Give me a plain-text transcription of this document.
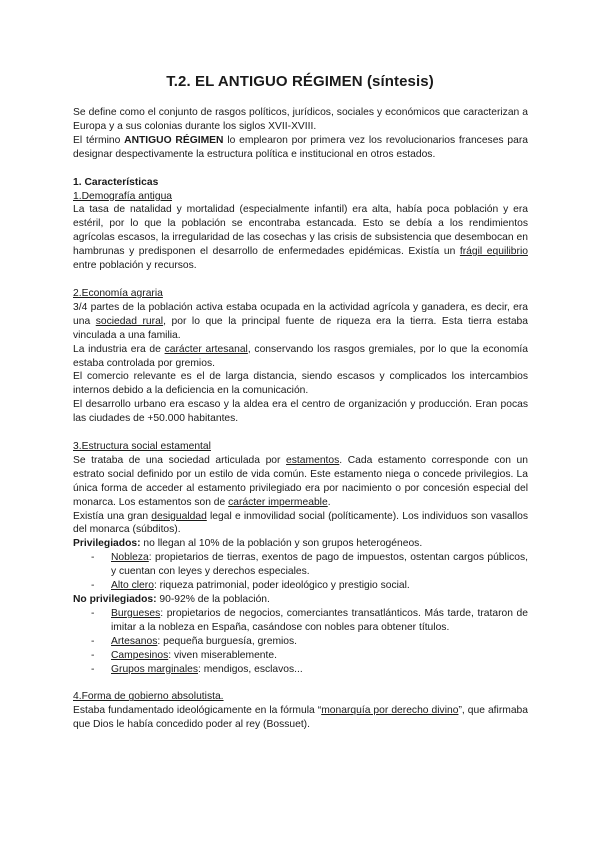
T.2. EL ANTIGUO RÉGIMEN (síntesis)

Se define como el conjunto de rasgos políticos, jurídicos, sociales y económicos que caracterizan a Europa y a sus colonias durante los siglos XVII-XVIII.

El término ANTIGUO RÉGIMEN lo emplearon por primera vez los revolucionarios franceses para designar despectivamente la estructura política e institucional en otros estados.

1. Características

1.Demografía antigua

La tasa de natalidad y mortalidad (especialmente infantil) era alta, había poca población y era estéril, por lo que la población se encontraba estancada. Esto se debía a los rendimientos agrícolas escasos, la irregularidad de las cosechas y las crisis de subsistencia que desembocan en hambrunas y predisponen el desarrollo de enfermedades epidémicas. Existía un frágil equilibrio entre población y recursos.

2.Economía agraria

3/4 partes de la población activa estaba ocupada en la actividad agrícola y ganadera, es decir, era una sociedad rural, por lo que la principal fuente de riqueza era la tierra. Esta tierra estaba vinculada a una familia.

La industria era de carácter artesanal, conservando los rasgos gremiales, por lo que la economía estaba controlada por gremios.

El comercio relevante es el de larga distancia, siendo escasos y complicados los intercambios internos debido a la deficiencia en la comunicación.

El desarrollo urbano era escaso y la aldea era el centro de organización y producción. Eran pocas las ciudades de +50.000 habitantes.

3.Estructura social estamental

Se trataba de una sociedad articulada por estamentos. Cada estamento corresponde con un estrato social definido por un estilo de vida común. Este estamento niega o concede privilegios. La única forma de acceder al estamento privilegiado era por nacimiento o por concesión especial del monarca. Los estamentos son de carácter impermeable.

Existía una gran desigualdad legal e inmovilidad social (políticamente). Los individuos son vasallos del monarca (súbditos).

Privilegiados: no llegan al 10% de la población y son grupos heterogéneos.

- Nobleza: propietarios de tierras, exentos de pago de impuestos, ostentan cargos públicos, y cuentan con leyes y derechos especiales.
- Alto clero: riqueza patrimonial, poder ideológico y prestigio social.

No privilegiados: 90-92% de la población.

- Burgueses: propietarios de negocios, comerciantes transatlánticos. Más tarde, trataron de imitar a la nobleza en España, casándose con nobles para obtener títulos.
- Artesanos: pequeña burguesía, gremios.
- Campesinos: viven miserablemente.
- Grupos marginales: mendigos, esclavos...

4.Forma de gobierno absolutista.

Estaba fundamentado ideológicamente en la fórmula “monarquía por derecho divino”, que afirmaba que Dios le había concedido poder al rey (Bossuet).
